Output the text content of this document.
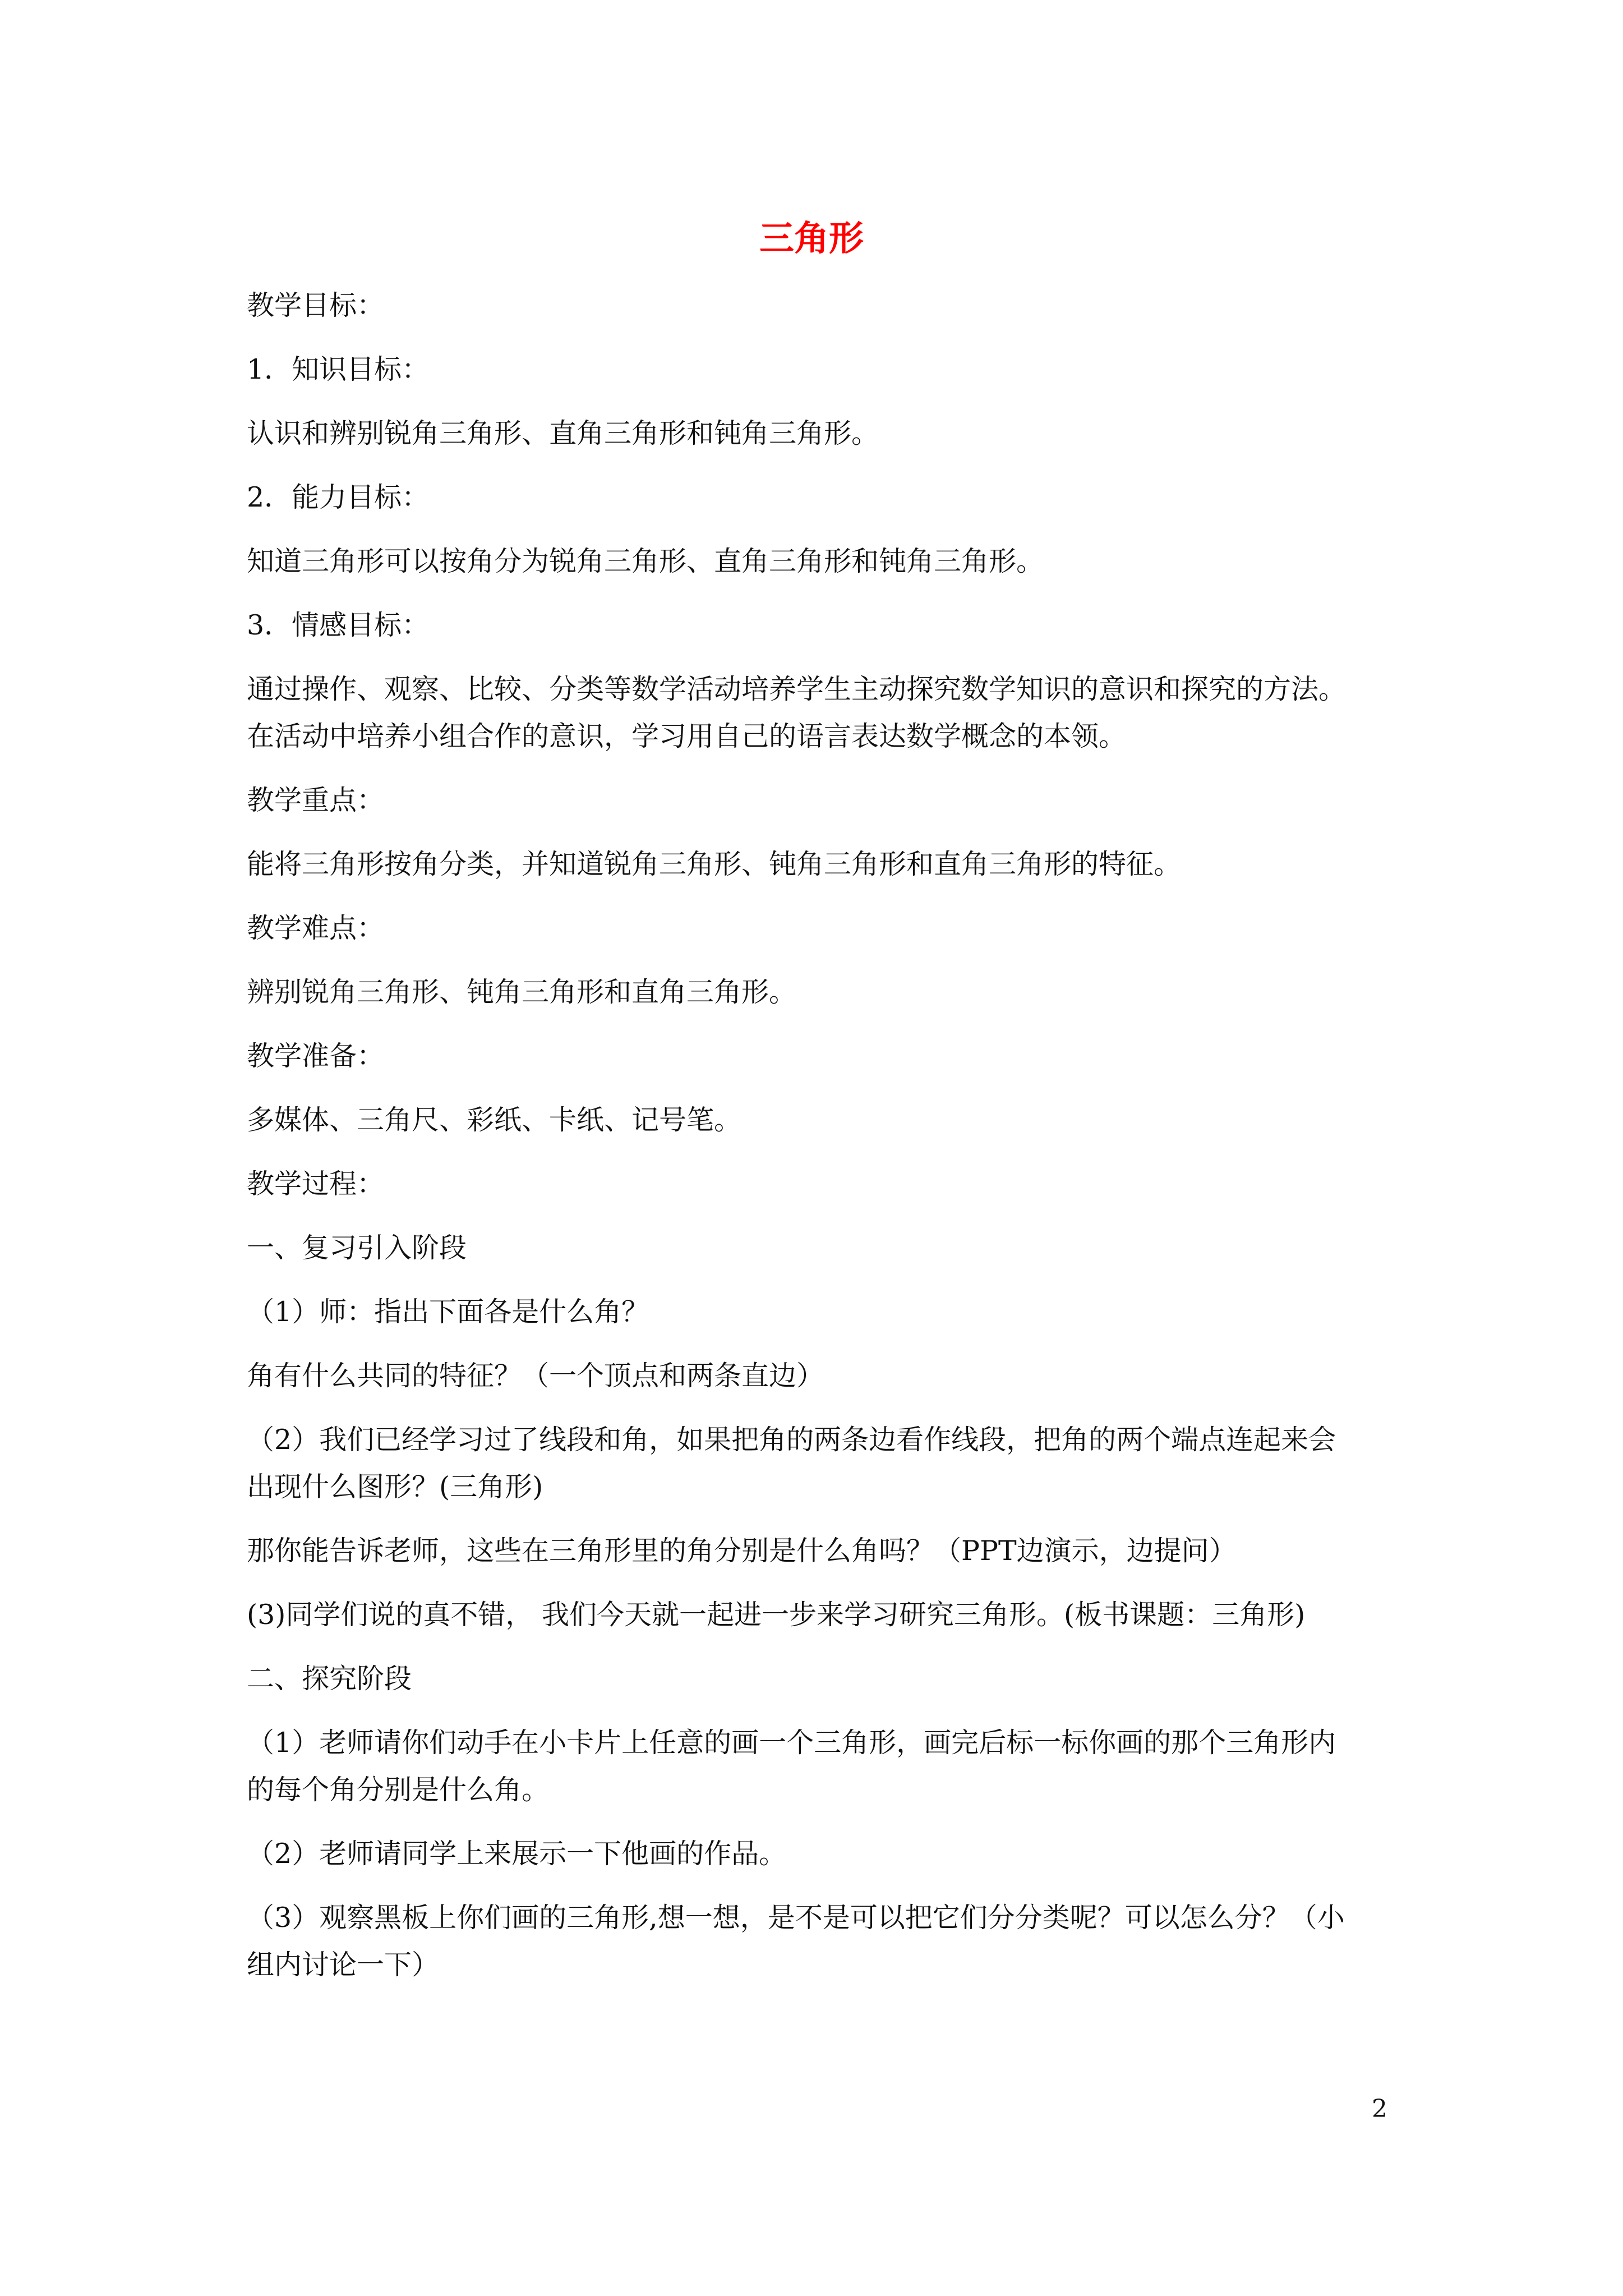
三角形
教学目标：
1．知识目标：
认识和辨别锐角三角形、直角三角形和钝角三角形。
2．能力目标：
知道三角形可以按角分为锐角三角形、直角三角形和钝角三角形。
3．情感目标：
通过操作、观察、比较、分类等数学活动培养学生主动探究数学知识的意识和探究的方法。
在活动中培养小组合作的意识，学习用自己的语言表达数学概念的本领。
教学重点：
能将三角形按角分类，并知道锐角三角形、钝角三角形和直角三角形的特征。
教学难点：
辨别锐角三角形、钝角三角形和直角三角形。
教学准备：
多媒体、三角尺、彩纸、卡纸、记号笔。
教学过程：
一、复习引入阶段
（1）师：指出下面各是什么角？
角有什么共同的特征？（一个顶点和两条直边）
（2）我们已经学习过了线段和角，如果把角的两条边看作线段，把角的两个端点连起来会
出现什么图形？(三角形)
那你能告诉老师，这些在三角形里的角分别是什么角吗？（PPT边演示，边提问）
(3)同学们说的真不错， 我们今天就一起进一步来学习研究三角形。(板书课题：三角形)
二、探究阶段
（1）老师请你们动手在小卡片上任意的画一个三角形，画完后标一标你画的那个三角形内
的每个角分别是什么角。
（2）老师请同学上来展示一下他画的作品。
（3）观察黑板上你们画的三角形,想一想，是不是可以把它们分分类呢？可以怎么分？（小
组内讨论一下）
2
